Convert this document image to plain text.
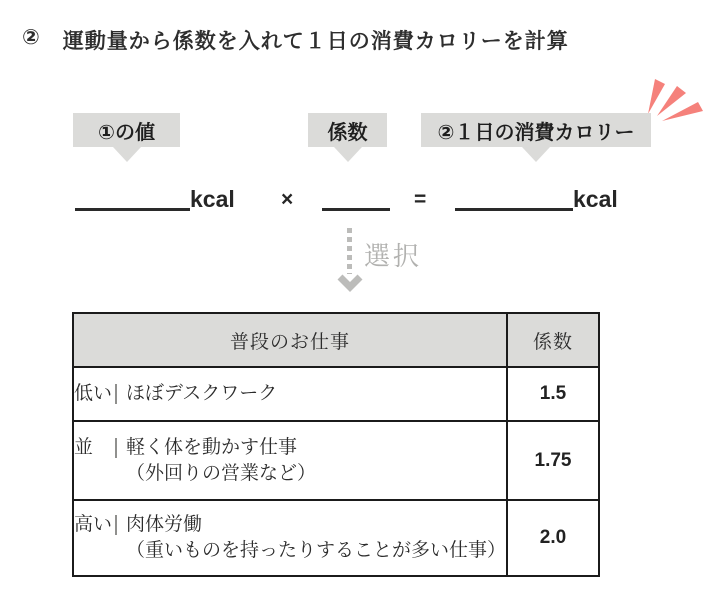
② 運動量から係数を入れて１日の消費カロリーを計算
①の値	係数	②１日の消費カロリー
kcal ×	=	kcal
選択
普段のお仕事	係数

低い ほぼデスクワーク	1.5

並 軽く体を動かす仕事
（外回りの営業など）	1.75

高い 肉体労働
（重いものを持ったりすることが多い仕事）	2.0
